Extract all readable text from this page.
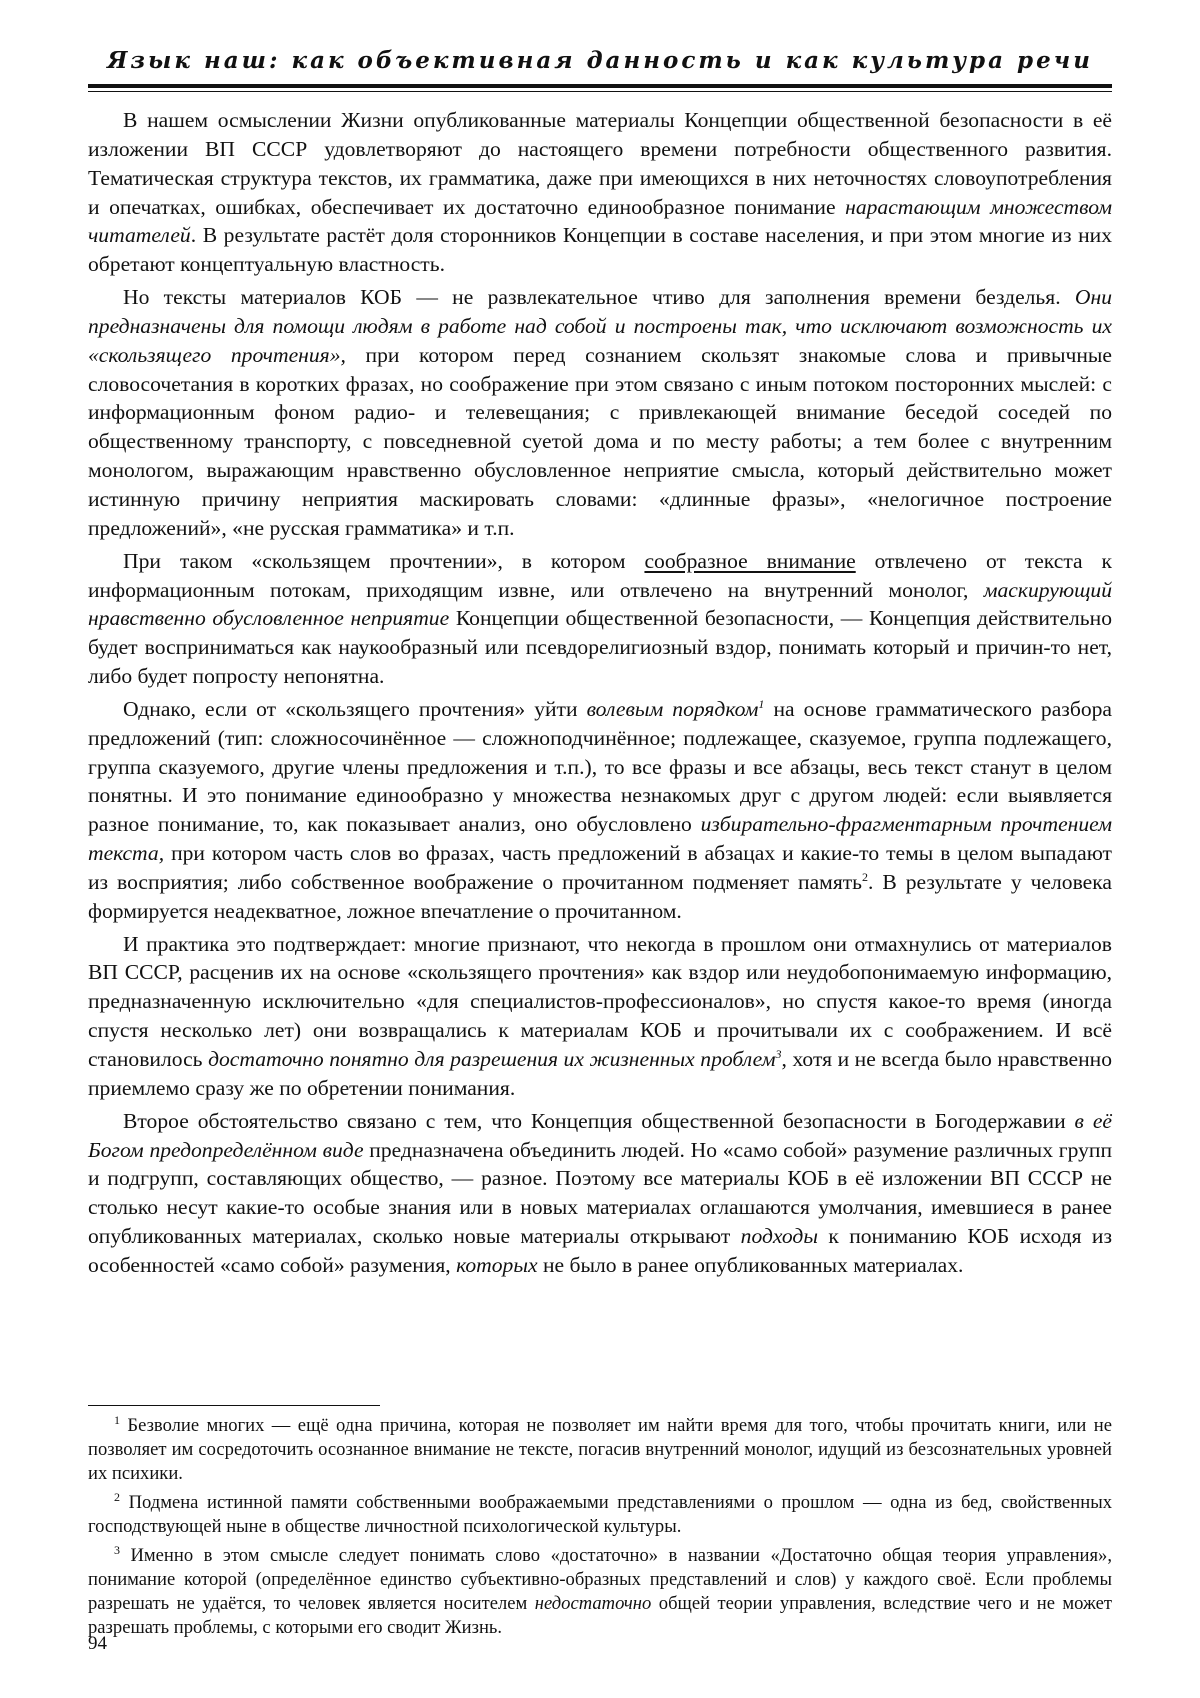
Язык наш: как объективная данность и как культура речи

В нашем осмыслении Жизни опубликованные материалы Концепции общественной безопасности в её изложении ВП СССР удовлетворяют до настоящего времени потребности общественного развития. Тематическая структура текстов, их грамматика, даже при имеющихся в них неточностях словоупотребления и опечатках, ошибках, обеспечивает их достаточно единообразное понимание нарастающим множеством читателей. В результате растёт доля сторонников Концепции в составе населения, и при этом многие из них обретают концептуальную властность.

Но тексты материалов КОБ — не развлекательное чтиво для заполнения времени безделья. Они предназначены для помощи людям в работе над собой и построены так, что исключают возможность их «скользящего прочтения», при котором перед сознанием скользят знакомые слова и привычные словосочетания в коротких фразах, но соображение при этом связано с иным потоком посторонних мыслей: с информационным фоном радио- и телевещания; с привлекающей внимание беседой соседей по общественному транспорту, с повседневной суетой дома и по месту работы; а тем более с внутренним монологом, выражающим нравственно обусловленное неприятие смысла, который действительно может истинную причину неприятия маскировать словами: «длинные фразы», «нелогичное построение предложений», «не русская грамматика» и т.п.

При таком «скользящем прочтении», в котором сообразное внимание отвлечено от текста к информационным потокам, приходящим извне, или отвлечено на внутренний монолог, маскирующий нравственно обусловленное неприятие Концепции общественной безопасности, — Концепция действительно будет восприниматься как наукообразный или псевдорелигиозный вздор, понимать который и причин-то нет, либо будет попросту непонятна.

Однако, если от «скользящего прочтения» уйти волевым порядком$^1$ на основе грамматического разбора предложений (тип: сложносочинённое — сложноподчинённое; подлежащее, сказуемое, группа подлежащего, группа сказуемого, другие члены предложения и т.п.), то все фразы и все абзацы, весь текст станут в целом понятны. И это понимание единообразно у множества незнакомых друг с другом людей: если выявляется разное понимание, то, как показывает анализ, оно обусловлено избирательно-фрагментарным прочтением текста, при котором часть слов во фразах, часть предложений в абзацах и какие-то темы в целом выпадают из восприятия; либо собственное воображение о прочитанном подменяет память$^2$. В результате у человека формируется неадекватное, ложное впечатление о прочитанном.

И практика это подтверждает: многие признают, что некогда в прошлом они отмахнулись от материалов ВП СССР, расценив их на основе «скользящего прочтения» как вздор или неудобопонимаемую информацию, предназначенную исключительно «для специалистов-профессионалов», но спустя какое-то время (иногда спустя несколько лет) они возвращались к материалам КОБ и прочитывали их с соображением. И всё становилось достаточно понятно для разрешения их жизненных проблем$^3$, хотя и не всегда было нравственно приемлемо сразу же по обретении понимания.

Второе обстоятельство связано с тем, что Концепция общественной безопасности в Богодержавии в её Богом предопределённом виде предназначена объединить людей. Но «само собой» разумение различных групп и подгрупп, составляющих общество, — разное. Поэтому все материалы КОБ в её изложении ВП СССР не столько несут какие-то особые знания или в новых материалах оглашаются умолчания, имевшиеся в ранее опубликованных материалах, сколько новые материалы открывают подходы к пониманию КОБ исходя из особенностей «само собой» разумения, которых не было в ранее опубликованных материалах.

$^1$ Безволие многих — ещё одна причина, которая не позволяет им найти время для того, чтобы прочитать книги, или не позволяет им сосредоточить осознанное внимание не тексте, погасив внутренний монолог, идущий из безсознательных уровней их психики.

$^2$ Подмена истинной памяти собственными воображаемыми представлениями о прошлом — одна из бед, свойственных господствующей ныне в обществе личностной психологической культуры.

$^3$ Именно в этом смысле следует понимать слово «достаточно» в названии «Достаточно общая теория управления», понимание которой (определённое единство субъективно-образных представлений и слов) у каждого своё. Если проблемы разрешать не удаётся, то человек является носителем недостаточно общей теории управления, вследствие чего и не может разрешать проблемы, с которыми его сводит Жизнь.

94
